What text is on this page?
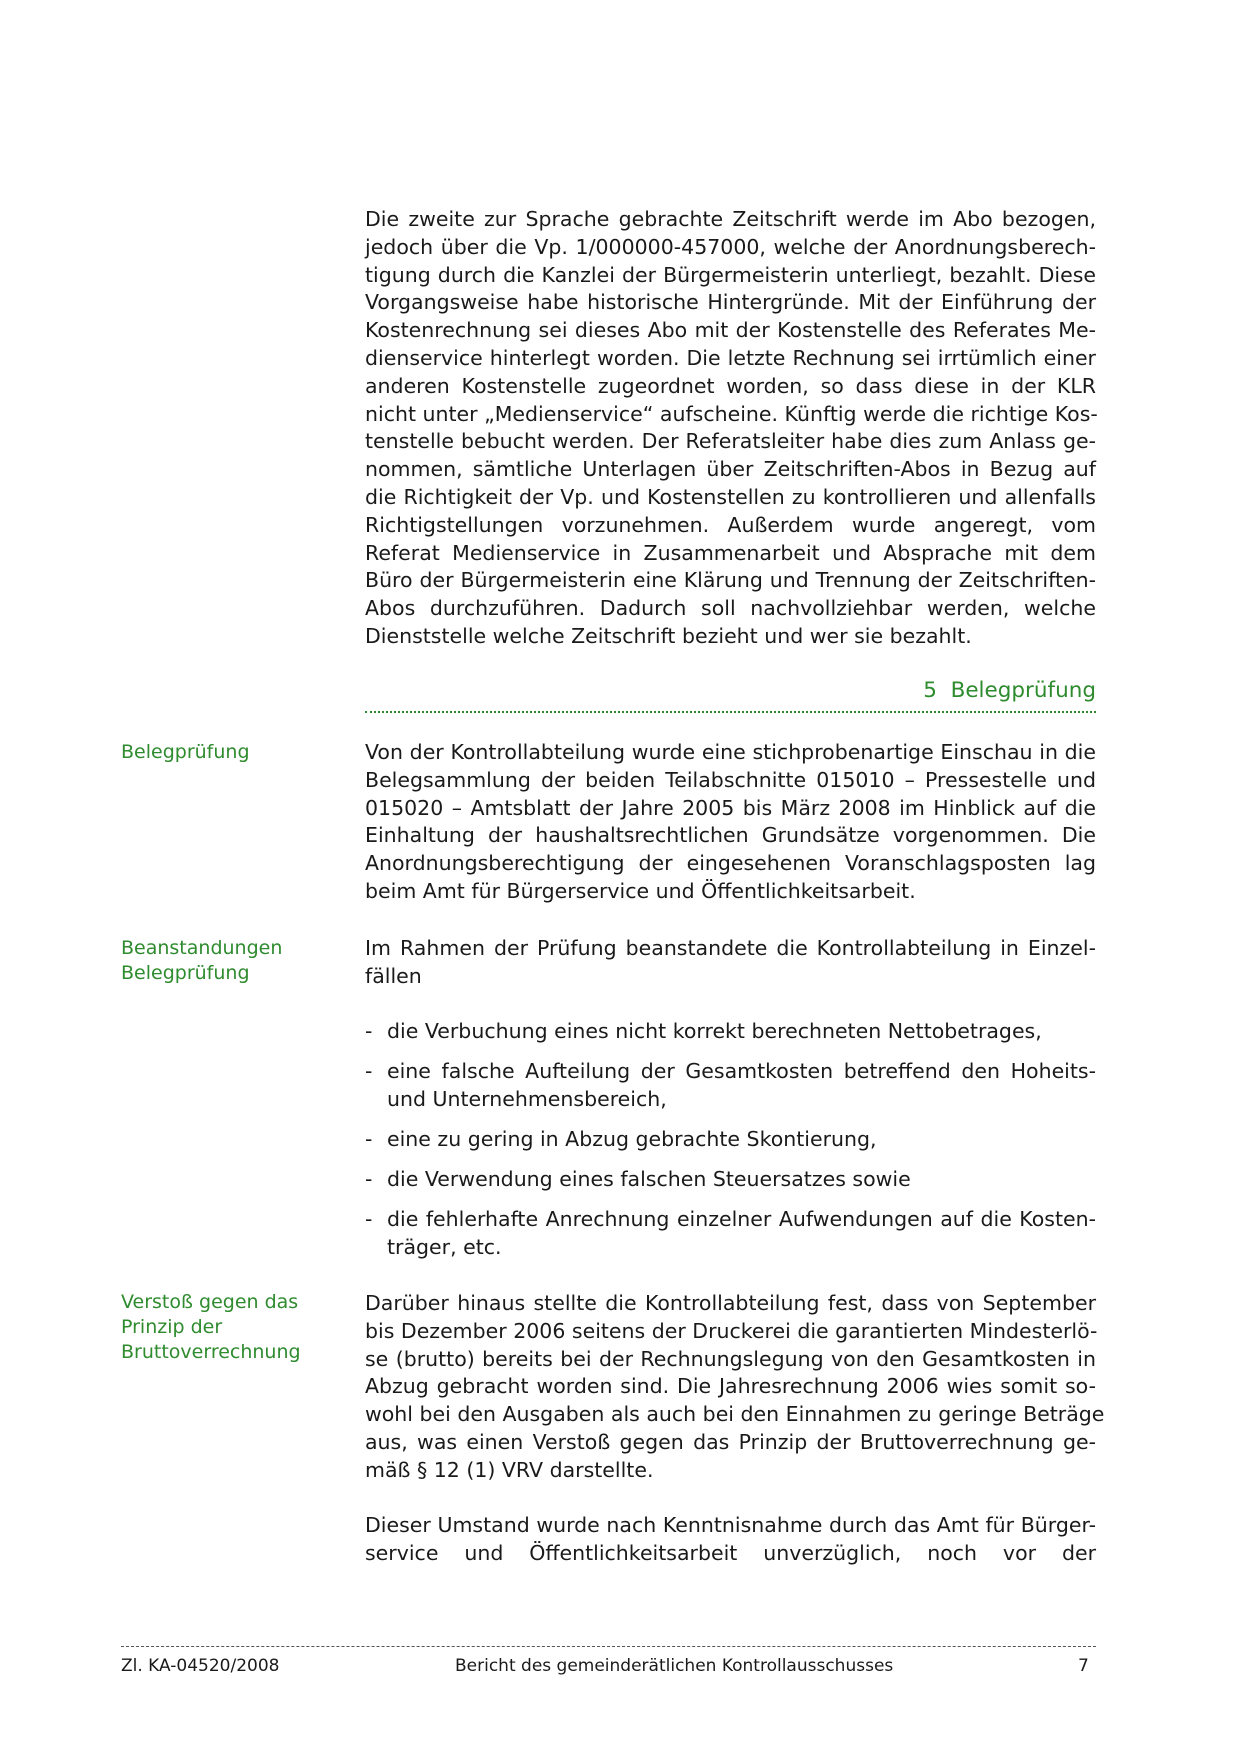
Die zweite zur Sprache gebrachte Zeitschrift werde im Abo bezogen,
jedoch über die Vp. 1/000000-457000, welche der Anordnungsberech-
tigung durch die Kanzlei der Bürgermeisterin unterliegt, bezahlt. Diese
Vorgangsweise habe historische Hintergründe. Mit der Einführung der
Kostenrechnung sei dieses Abo mit der Kostenstelle des Referates Me-
dienservice hinterlegt worden. Die letzte Rechnung sei irrtümlich einer
anderen Kostenstelle zugeordnet worden, so dass diese in der KLR
nicht unter „Medienservice“ aufscheine. Künftig werde die richtige Kos-
tenstelle bebucht werden. Der Referatsleiter habe dies zum Anlass ge-
nommen, sämtliche Unterlagen über Zeitschriften-Abos in Bezug auf
die Richtigkeit der Vp. und Kostenstellen zu kontrollieren und allenfalls
Richtigstellungen vorzunehmen. Außerdem wurde angeregt, vom
Referat Medienservice in Zusammenarbeit und Absprache mit dem
Büro der Bürgermeisterin eine Klärung und Trennung der Zeitschriften-
Abos durchzuführen. Dadurch soll nachvollziehbar werden, welche
Dienststelle welche Zeitschrift bezieht und wer sie bezahlt.
5 Belegprüfung
Belegprüfung	Von der Kontrollabteilung wurde eine stichprobenartige Einschau in die
Belegsammlung der beiden Teilabschnitte 015010 – Pressestelle und
015020 – Amtsblatt der Jahre 2005 bis März 2008 im Hinblick auf die
Einhaltung der haushaltsrechtlichen Grundsätze vorgenommen. Die
Anordnungsberechtigung der eingesehenen Voranschlagsposten lag
beim Amt für Bürgerservice und Öffentlichkeitsarbeit.
Beanstandungen
Belegprüfung
Im Rahmen der Prüfung beanstandete die Kontrollabteilung in Einzel-
fällen
- die Verbuchung eines nicht korrekt berechneten Nettobetrages,
- eine falsche Aufteilung der Gesamtkosten betreffend den Hoheits-
und Unternehmensbereich,
- eine zu gering in Abzug gebrachte Skontierung,
- die Verwendung eines falschen Steuersatzes sowie
- die fehlerhafte Anrechnung einzelner Aufwendungen auf die Kosten-
träger, etc.
Verstoß gegen das
Prinzip der
Bruttoverrechnung
Darüber hinaus stellte die Kontrollabteilung fest, dass von September
bis Dezember 2006 seitens der Druckerei die garantierten Mindesterlö-
se (brutto) bereits bei der Rechnungslegung von den Gesamtkosten in
Abzug gebracht worden sind. Die Jahresrechnung 2006 wies somit so-
wohl bei den Ausgaben als auch bei den Einnahmen zu geringe Beträge
aus, was einen Verstoß gegen das Prinzip der Bruttoverrechnung ge-
mäß § 12 (1) VRV darstellte.
Dieser Umstand wurde nach Kenntnisnahme durch das Amt für Bürger-
service und Öffentlichkeitsarbeit unverzüglich, noch vor der
Zl. KA-04520/2008	Bericht des gemeinderätlichen Kontrollausschusses	7
